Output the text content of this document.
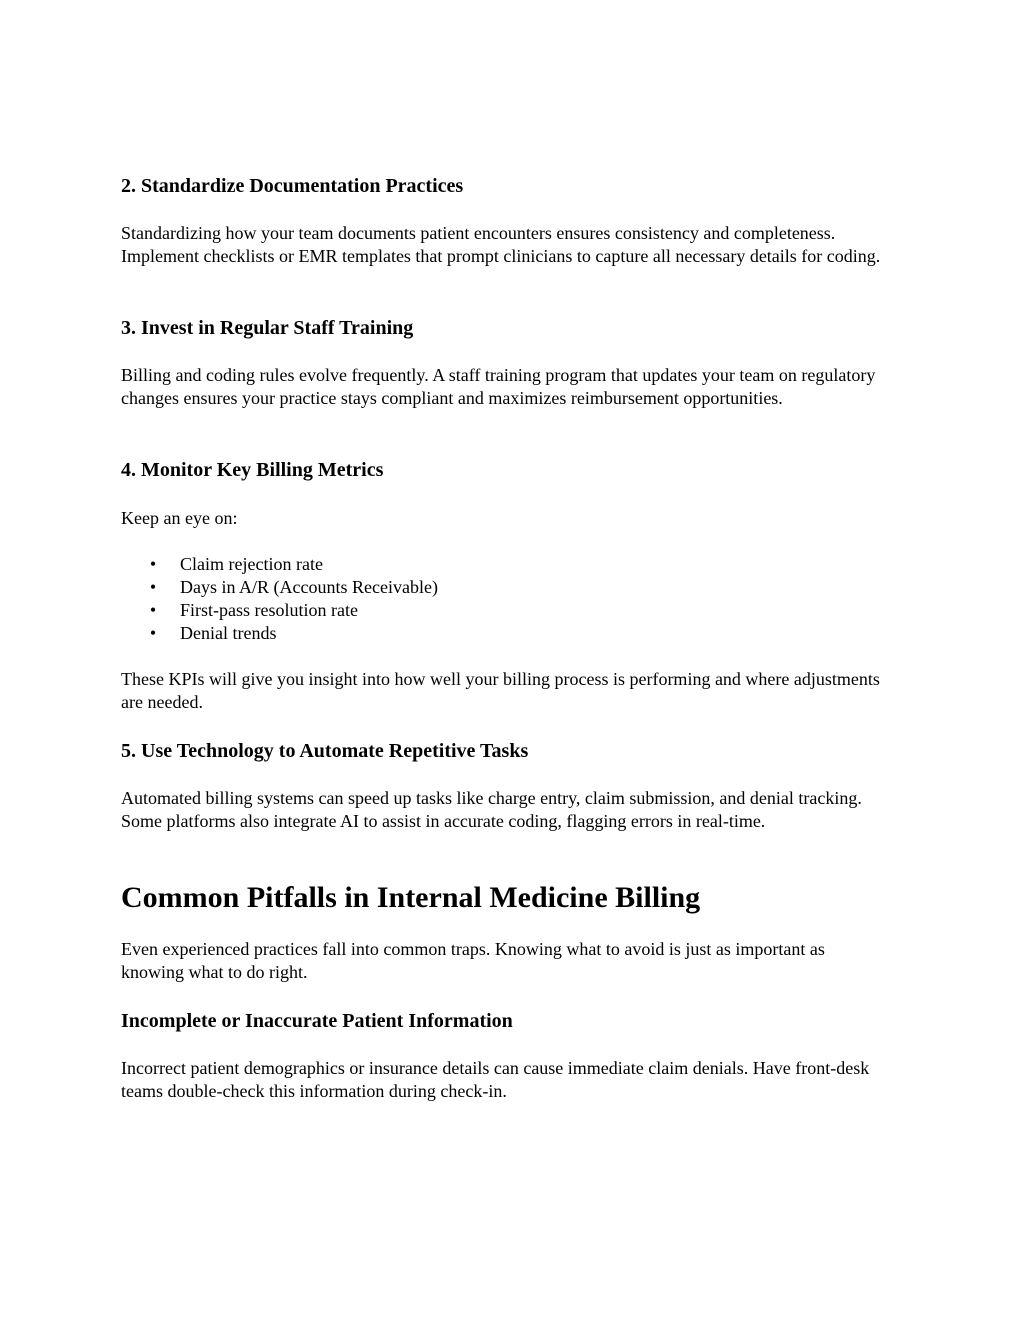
2. Standardize Documentation Practices

Standardizing how your team documents patient encounters ensures consistency and completeness. Implement checklists or EMR templates that prompt clinicians to capture all necessary details for coding.

3. Invest in Regular Staff Training

Billing and coding rules evolve frequently. A staff training program that updates your team on regulatory changes ensures your practice stays compliant and maximizes reimbursement opportunities.

4. Monitor Key Billing Metrics

Keep an eye on:

• Claim rejection rate
• Days in A/R (Accounts Receivable)
• First-pass resolution rate
• Denial trends

These KPIs will give you insight into how well your billing process is performing and where adjustments are needed.

5. Use Technology to Automate Repetitive Tasks

Automated billing systems can speed up tasks like charge entry, claim submission, and denial tracking. Some platforms also integrate AI to assist in accurate coding, flagging errors in real-time.

Common Pitfalls in Internal Medicine Billing

Even experienced practices fall into common traps. Knowing what to avoid is just as important as knowing what to do right.

Incomplete or Inaccurate Patient Information

Incorrect patient demographics or insurance details can cause immediate claim denials. Have front-desk teams double-check this information during check-in.
